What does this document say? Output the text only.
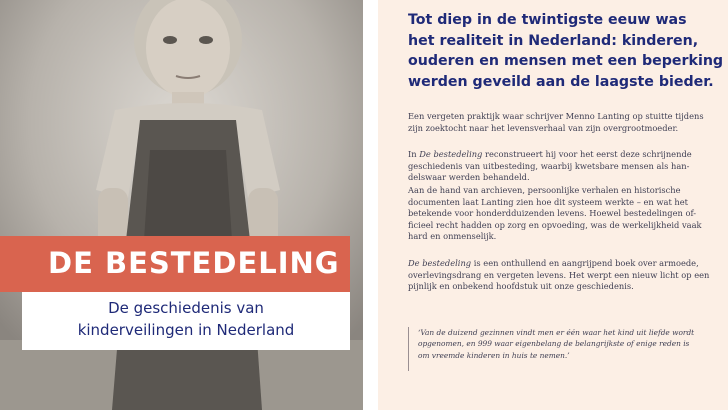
DE BESTEDELING
De geschiedenis van
kinderveilingen in Nederland
Tot diep in de twintigste eeuw was
het realiteit in Nederland: kinderen,
ouderen en mensen met een beperking
werden geveild aan de laagste bieder.
Een vergeten praktijk waar schrijver Menno Lanting op stuitte tijdens
zijn zoektocht naar het levensverhaal van zijn overgrootmoeder.
In De bestedeling reconstrueert hij voor het eerst deze schrijnende
geschiedenis van uitbesteding, waarbij kwetsbare mensen als han-
delswaar werden behandeld.
Aan de hand van archieven, persoonlijke verhalen en historische
documenten laat Lanting zien hoe dit systeem werkte – en wat het
betekende voor honderdduizenden levens. Hoewel bestedelingen of-
ficieel recht hadden op zorg en opvoeding, was de werkelijkheid vaak
hard en onmenselijk.
De bestedeling is een onthullend en aangrijpend boek over armoede,
overlevingsdrang en vergeten levens. Het werpt een nieuw licht op een
pijnlijk en onbekend hoofdstuk uit onze geschiedenis.
‘Van de duizend gezinnen vindt men er één waar het kind uit liefde wordt
opgenomen, en 999 waar eigenbelang de belangrijkste of enige reden is
om vreemde kinderen in huis te nemen.’
